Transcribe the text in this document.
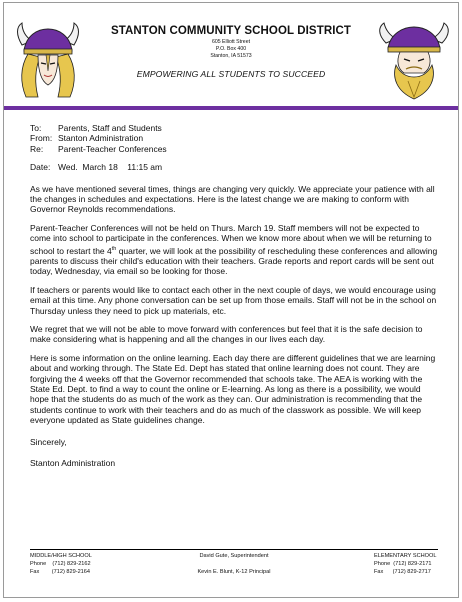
STANTON COMMUNITY SCHOOL DISTRICT
605 Elliott Street
P.O. Box 400
Stanton, IA 51573
EMPOWERING ALL STUDENTS TO SUCCEED
To:	Parents, Staff and Students
From: Stanton Administration
Re:	Parent-Teacher Conferences
Date: Wed.  March 18    11:15 am

As we have mentioned several times, things are changing very quickly. We appreciate your patience with all the changes in schedules and expectations. Here is the latest change we are making to conform with Governor Reynolds recommendations.

Parent-Teacher Conferences will not be held on Thurs. March 19. Staff members will not be expected to come into school to participate in the conferences. When we know more about when we will be returning to school to restart the 4th quarter, we will look at the possibility of rescheduling these conferences and allowing parents to discuss their child's education with their teachers. Grade reports and report cards will be sent out today, Wednesday, via email so be looking for those.

If teachers or parents would like to contact each other in the next couple of days, we would encourage using email at this time. Any phone conversation can be set up from those emails. Staff will not be in the school on Thursday unless they need to pick up materials, etc.

We regret that we will not be able to move forward with conferences but feel that it is the safe decision to make considering what is happening and all the changes in our lives each day.

Here is some information on the online learning. Each day there are different guidelines that we are learning about and working through. The State Ed. Dept has stated that online learning does not count. They are forgiving the 4 weeks off that the Governor recommended that schools take. The AEA is working with the State Ed. Dept. to find a way to count the online or E-learning. As long as there is a possibility, we would hope that the students do as much of the work as they can. Our administration is recommending that the students continue to work with their teachers and do as much of the classwork as possible. We will keep everyone updated as State guidelines change.

Sincerely,

Stanton Administration

MIDDLE/HIGH SCHOOL
Phone    (712) 829-2162
Fax        (712) 829-2164
David Gute, Superintendent
Kevin E. Blunt, K-12 Principal
ELEMENTARY SCHOOL
Phone  (712) 829-2171
Fax      (712) 829-2717
